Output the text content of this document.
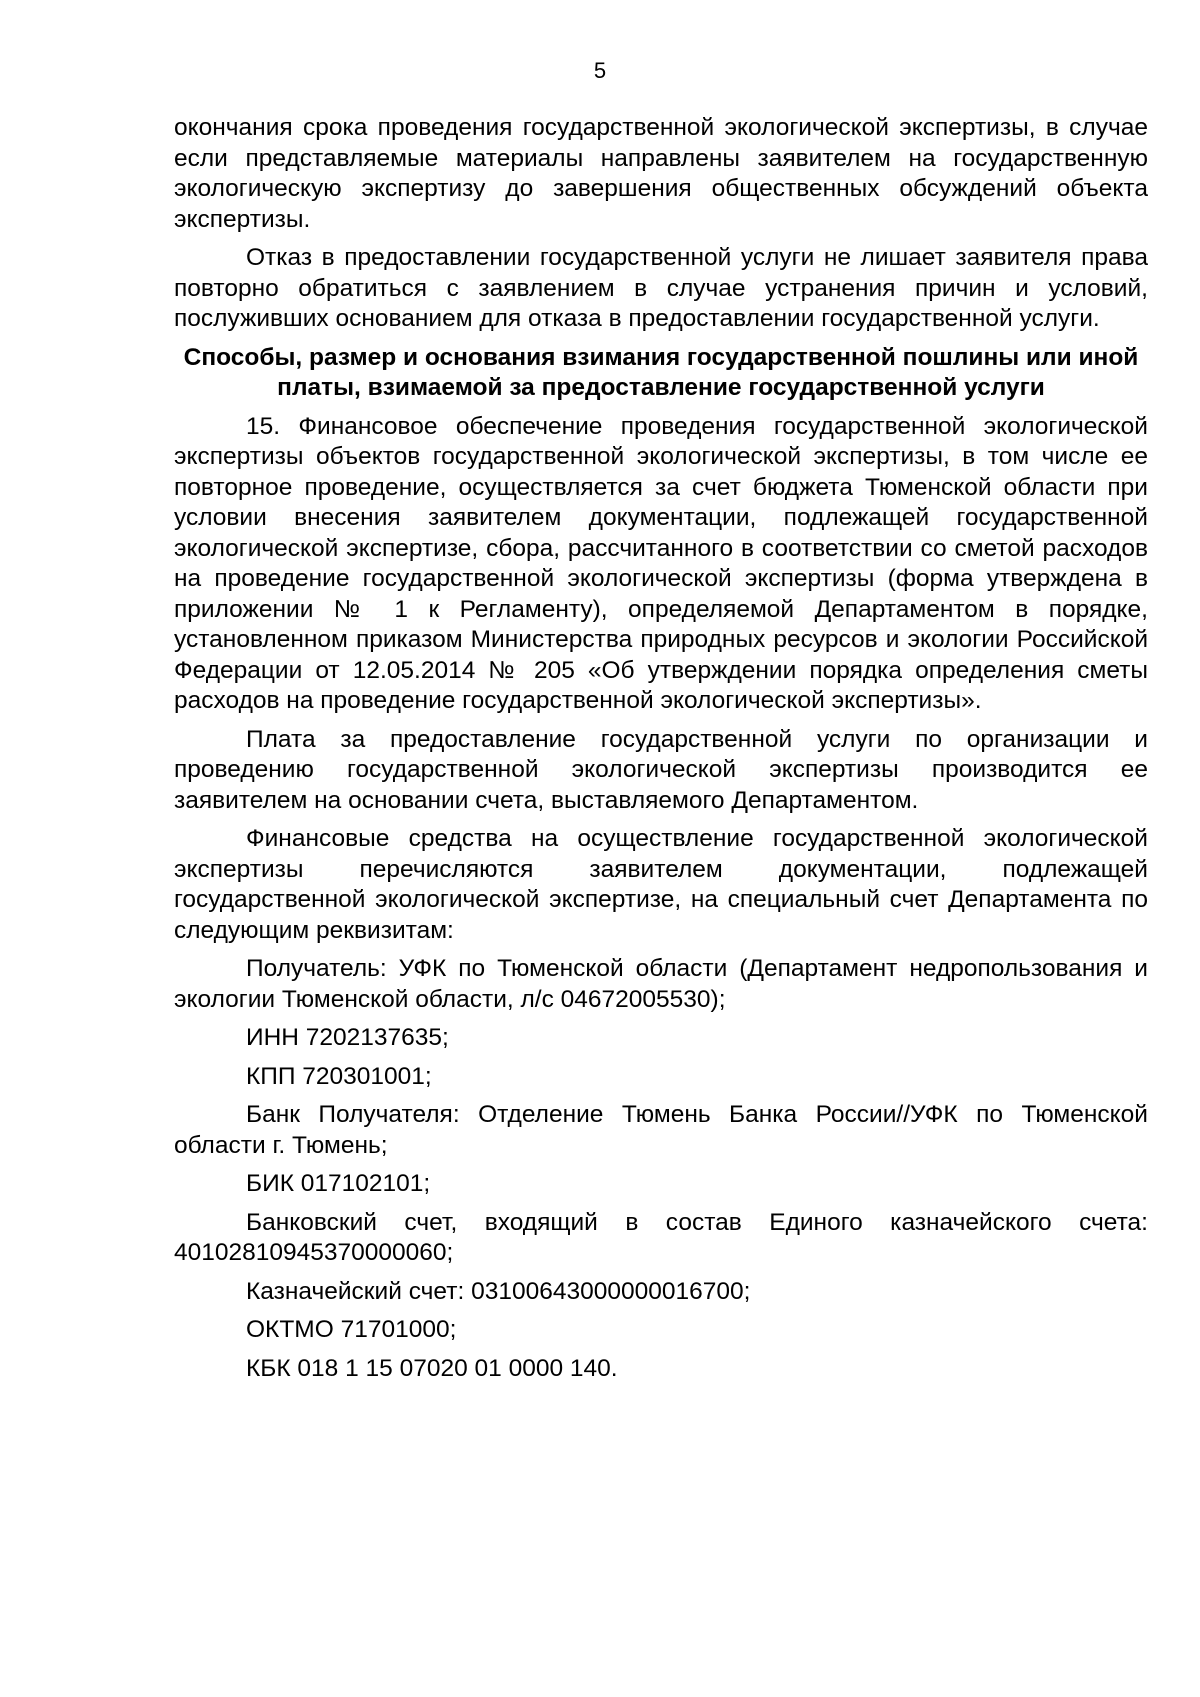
5

окончания срока проведения государственной экологической экспертизы, в случае если представляемые материалы направлены заявителем на государственную экологическую экспертизу до завершения общественных обсуждений объекта экспертизы.

Отказ в предоставлении государственной услуги не лишает заявителя права повторно обратиться с заявлением в случае устранения причин и условий, послуживших основанием для отказа в предоставлении государственной услуги.

Способы, размер и основания взимания государственной пошлины или иной платы, взимаемой за предоставление государственной услуги

15. Финансовое обеспечение проведения государственной экологической экспертизы объектов государственной экологической экспертизы, в том числе ее повторное проведение, осуществляется за счет бюджета Тюменской области при условии внесения заявителем документации, подлежащей государственной экологической экспертизе, сбора, рассчитанного в соответствии со сметой расходов на проведение государственной экологической экспертизы (форма утверждена в приложении № 1 к Регламенту), определяемой Департаментом в порядке, установленном приказом Министерства природных ресурсов и экологии Российской Федерации от 12.05.2014 № 205 «Об утверждении порядка определения сметы расходов на проведение государственной экологической экспертизы».

Плата за предоставление государственной услуги по организации и проведению государственной экологической экспертизы производится ее заявителем на основании счета, выставляемого Департаментом.

Финансовые средства на осуществление государственной экологической экспертизы перечисляются заявителем документации, подлежащей государственной экологической экспертизе, на специальный счет Департамента по следующим реквизитам:

Получатель: УФК по Тюменской области (Департамент недропользования и экологии Тюменской области, л/с 04672005530);

ИНН 7202137635;

КПП 720301001;

Банк Получателя: Отделение Тюмень Банка России//УФК по Тюменской области г. Тюмень;

БИК 017102101;

Банковский счет, входящий в состав Единого казначейского счета: 40102810945370000060;

Казначейский счет: 03100643000000016700;

ОКТМО 71701000;

КБК 018 1 15 07020 01 0000 140.
